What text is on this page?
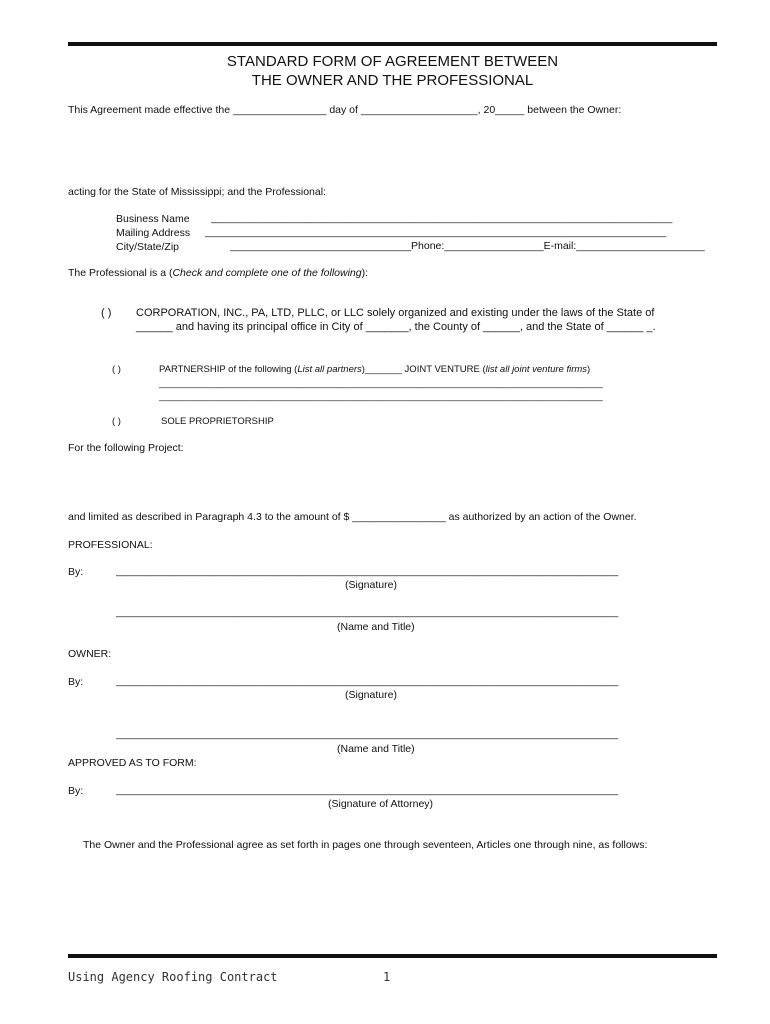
STANDARD FORM OF AGREEMENT BETWEEN
THE OWNER AND THE PROFESSIONAL
This Agreement made effective the ________________ day of ____________________, 20_____ between the Owner:
acting for the State of Mississippi; and the Professional:
Business Name _______________________________________________________________________________
Mailing Address _______________________________________________________________________________
City/State/Zip	_______________________________Phone:_________________E-mail:______________________
The Professional is a (Check and complete one of the following):
( ) CORPORATION, INC., PA, LTD, PLLC, or LLC solely organized and existing under the laws of the State of
______ and having its principal office in City of _______, the County of ______, and the State of ______ _.
( )	PARTNERSHIP of the following (List all partners)_______ JOINT VENTURE (list all joint venture firms)
____________________________________________________________________________________
____________________________________________________________________________________
( )	SOLE PROPRIETORSHIP
For the following Project:
and limited as described in Paragraph 4.3 to the amount of $ ________________ as authorized by an action of the Owner.
PROFESSIONAL:
By:	______________________________________________________________________________________
(Signature)
______________________________________________________________________________________
(Name and Title)
OWNER:
By:	______________________________________________________________________________________
(Signature)
______________________________________________________________________________________
(Name and Title)
APPROVED AS TO FORM:
By:	______________________________________________________________________________________
(Signature of Attorney)
The Owner and the Professional agree as set forth in pages one through seventeen, Articles one through nine, as follows:
Using Agency Roofing Contract	1
